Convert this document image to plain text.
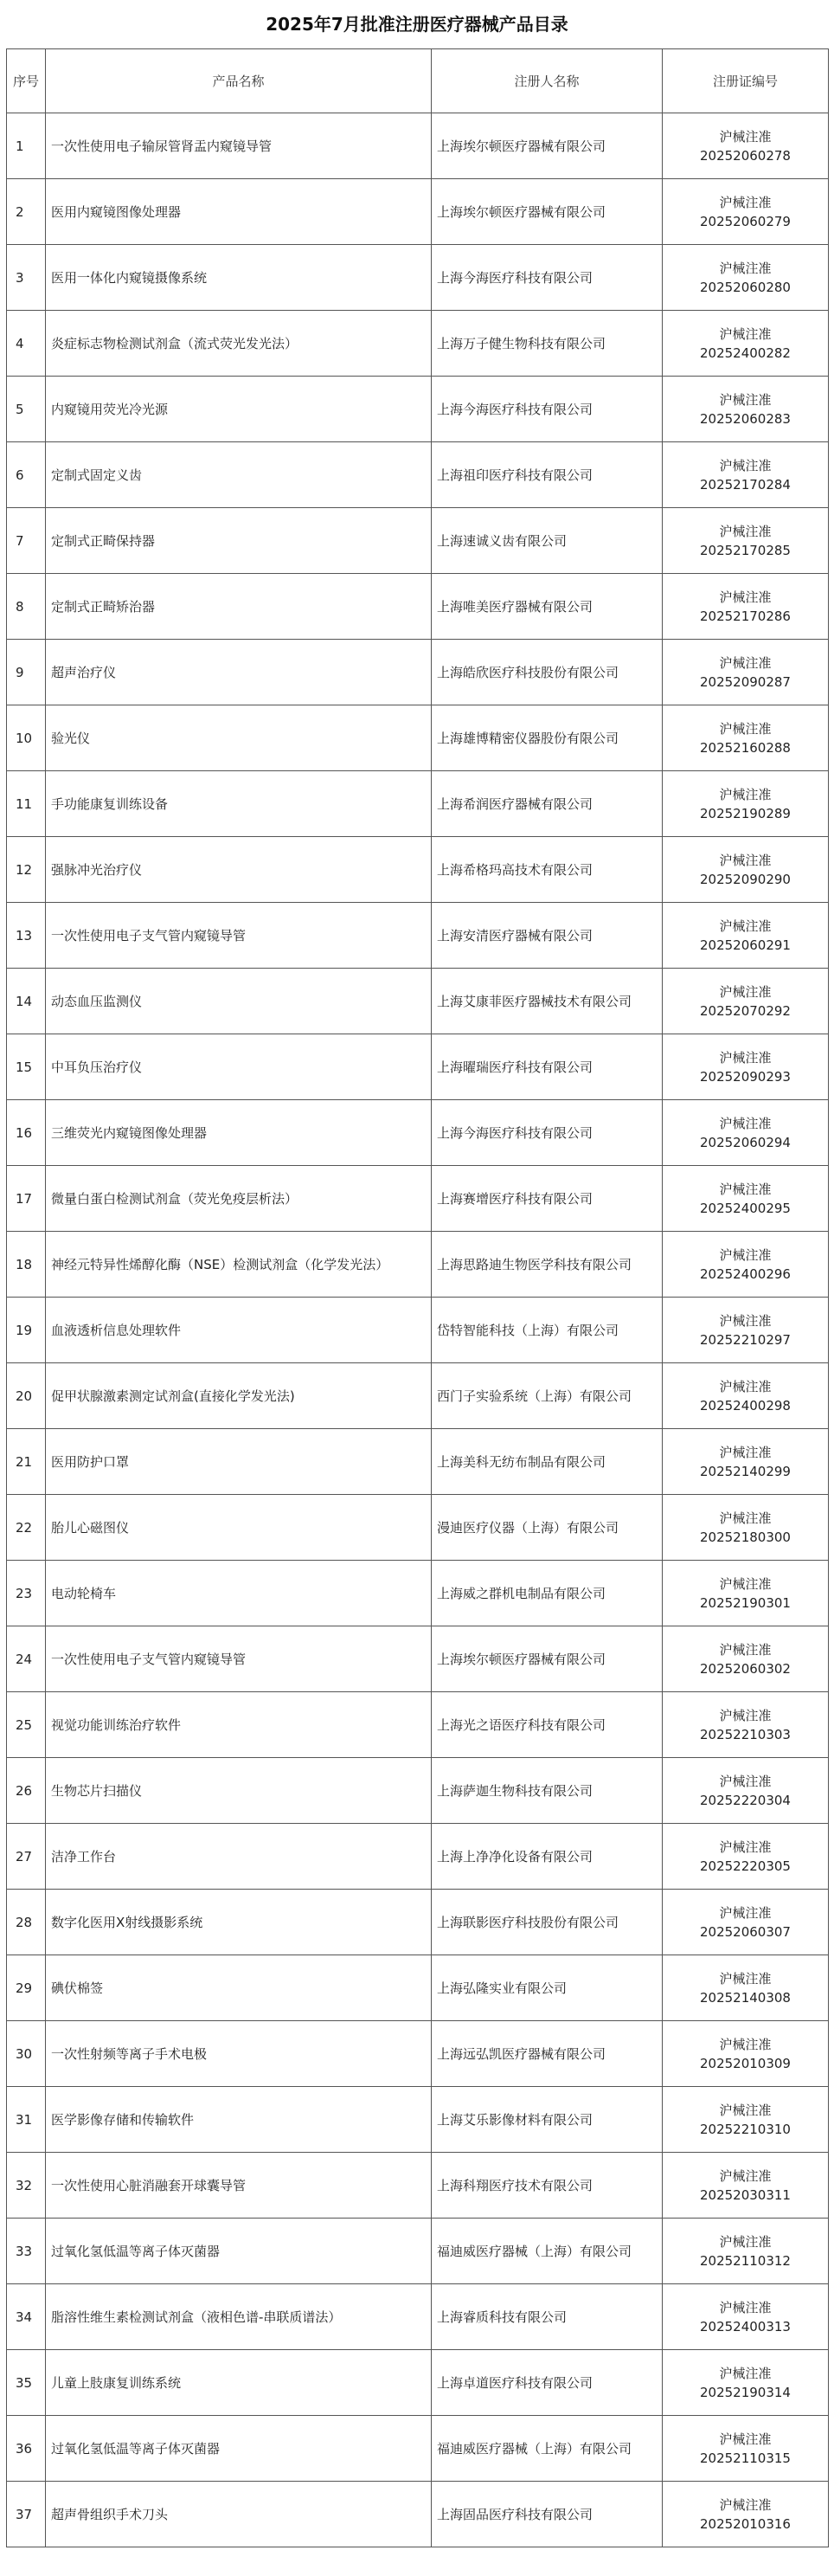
2025年7月批准注册医疗器械产品目录
序号	产品名称	注册人名称	注册证编号
1	一次性使用电子输尿管肾盂内窥镜导管	上海埃尔顿医疗器械有限公司	沪械注准
20252060278

2	医用内窥镜图像处理器	上海埃尔顿医疗器械有限公司	沪械注准
20252060279

3	医用一体化内窥镜摄像系统	上海今海医疗科技有限公司	沪械注准
20252060280

4	炎症标志物检测试剂盒（流式荧光发光法）	上海万子健生物科技有限公司	沪械注准
20252400282

5	内窥镜用荧光冷光源	上海今海医疗科技有限公司	沪械注准
20252060283

6	定制式固定义齿	上海祖印医疗科技有限公司	沪械注准
20252170284

7	定制式正畸保持器	上海速诚义齿有限公司	沪械注准
20252170285

8	定制式正畸矫治器	上海唯美医疗器械有限公司	沪械注准
20252170286

9	超声治疗仪	上海皓欣医疗科技股份有限公司	沪械注准
20252090287

10	验光仪	上海雄博精密仪器股份有限公司	沪械注准
20252160288

11	手功能康复训练设备	上海希润医疗器械有限公司	沪械注准
20252190289

12	强脉冲光治疗仪	上海希格玛高技术有限公司	沪械注准
20252090290

13	一次性使用电子支气管内窥镜导管	上海安清医疗器械有限公司	沪械注准
20252060291

14	动态血压监测仪	上海艾康菲医疗器械技术有限公司	沪械注准
20252070292

15	中耳负压治疗仪	上海曜瑞医疗科技有限公司	沪械注准
20252090293

16	三维荧光内窥镜图像处理器	上海今海医疗科技有限公司	沪械注准
20252060294

17	微量白蛋白检测试剂盒（荧光免疫层析法）	上海赛增医疗科技有限公司	沪械注准
20252400295

18	神经元特异性烯醇化酶（NSE）检测试剂盒（化学发光法）	上海思路迪生物医学科技有限公司	沪械注准
20252400296

19	血液透析信息处理软件	岱特智能科技（上海）有限公司	沪械注准
20252210297

20	促甲状腺激素测定试剂盒(直接化学发光法)	西门子实验系统（上海）有限公司	沪械注准
20252400298

21	医用防护口罩	上海美科无纺布制品有限公司	沪械注准
20252140299

22	胎儿心磁图仪	漫迪医疗仪器（上海）有限公司	沪械注准
20252180300

23	电动轮椅车	上海威之群机电制品有限公司	沪械注准
20252190301

24	一次性使用电子支气管内窥镜导管	上海埃尔顿医疗器械有限公司	沪械注准
20252060302

25	视觉功能训练治疗软件	上海光之语医疗科技有限公司	沪械注准
20252210303

26	生物芯片扫描仪	上海萨迦生物科技有限公司	沪械注准
20252220304

27	洁净工作台	上海上净净化设备有限公司	沪械注准
20252220305

28	数字化医用X射线摄影系统	上海联影医疗科技股份有限公司	沪械注准
20252060307

29	碘伏棉签	上海弘隆实业有限公司	沪械注准
20252140308

30	一次性射频等离子手术电极	上海远弘凯医疗器械有限公司	沪械注准
20252010309

31	医学影像存储和传输软件	上海艾乐影像材料有限公司	沪械注准
20252210310

32	一次性使用心脏消融套开球囊导管	上海科翔医疗技术有限公司	沪械注准
20252030311

33	过氧化氢低温等离子体灭菌器	福迪威医疗器械（上海）有限公司	沪械注准
20252110312

34	脂溶性维生素检测试剂盒（液相色谱-串联质谱法）	上海睿质科技有限公司	沪械注准
20252400313

35	儿童上肢康复训练系统	上海卓道医疗科技有限公司	沪械注准
20252190314

36	过氧化氢低温等离子体灭菌器	福迪威医疗器械（上海）有限公司	沪械注准
20252110315

37	超声骨组织手术刀头	上海固品医疗科技有限公司	沪械注准
20252010316
